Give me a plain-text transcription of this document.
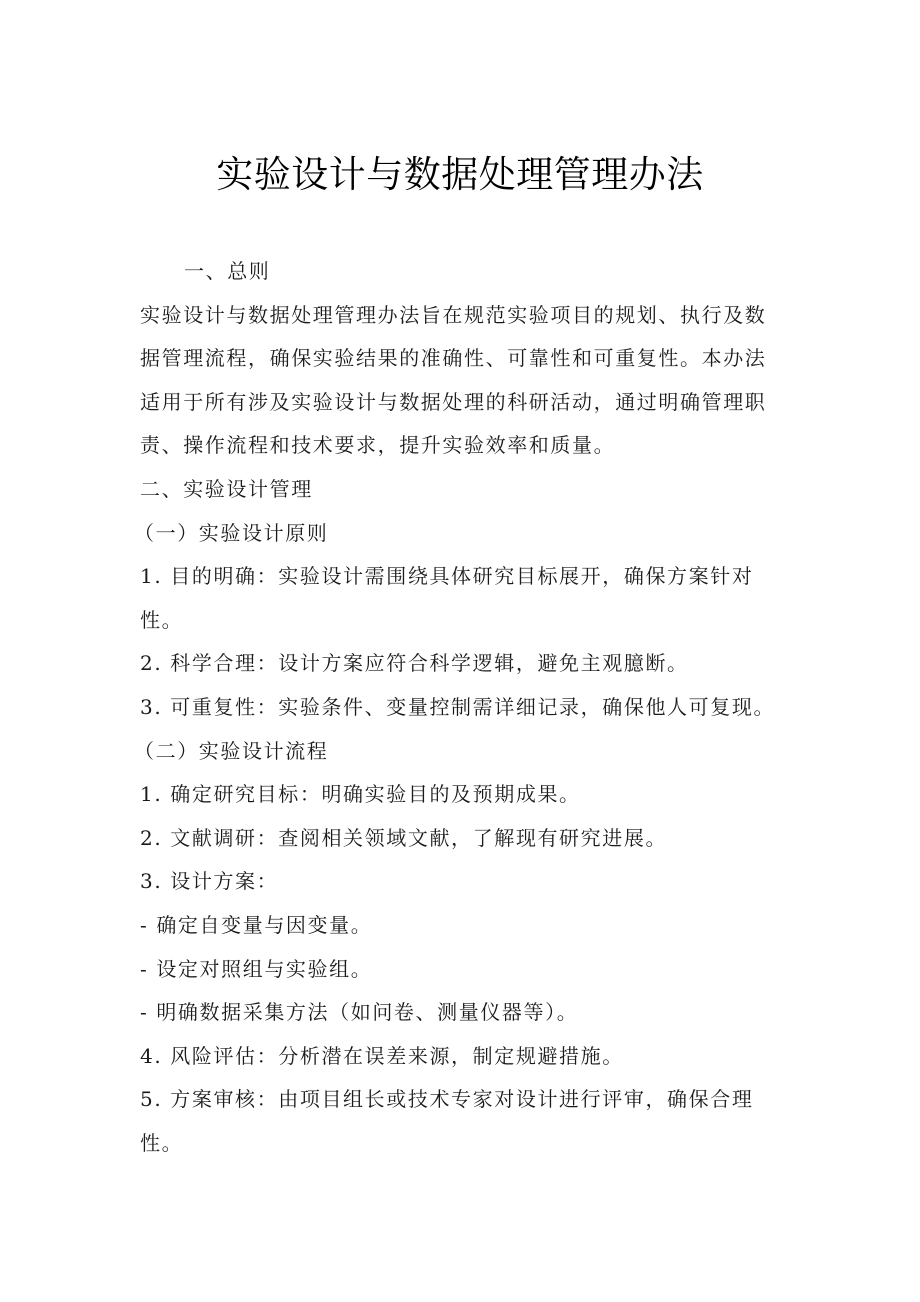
实验设计与数据处理管理办法
一、总则
实验设计与数据处理管理办法旨在规范实验项目的规划、执行及数
据管理流程，确保实验结果的准确性、可靠性和可重复性。本办法
适用于所有涉及实验设计与数据处理的科研活动，通过明确管理职
责、操作流程和技术要求，提升实验效率和质量。
二、实验设计管理
（一）实验设计原则
1. 目的明确：实验设计需围绕具体研究目标展开，确保方案针对
性。
2. 科学合理：设计方案应符合科学逻辑，避免主观臆断。
3. 可重复性：实验条件、变量控制需详细记录，确保他人可复现。
（二）实验设计流程
1. 确定研究目标：明确实验目的及预期成果。
2. 文献调研：查阅相关领域文献，了解现有研究进展。
3. 设计方案：
- 确定自变量与因变量。
- 设定对照组与实验组。
- 明确数据采集方法（如问卷、测量仪器等）。
4. 风险评估：分析潜在误差来源，制定规避措施。
5. 方案审核：由项目组长或技术专家对设计进行评审，确保合理
性。
